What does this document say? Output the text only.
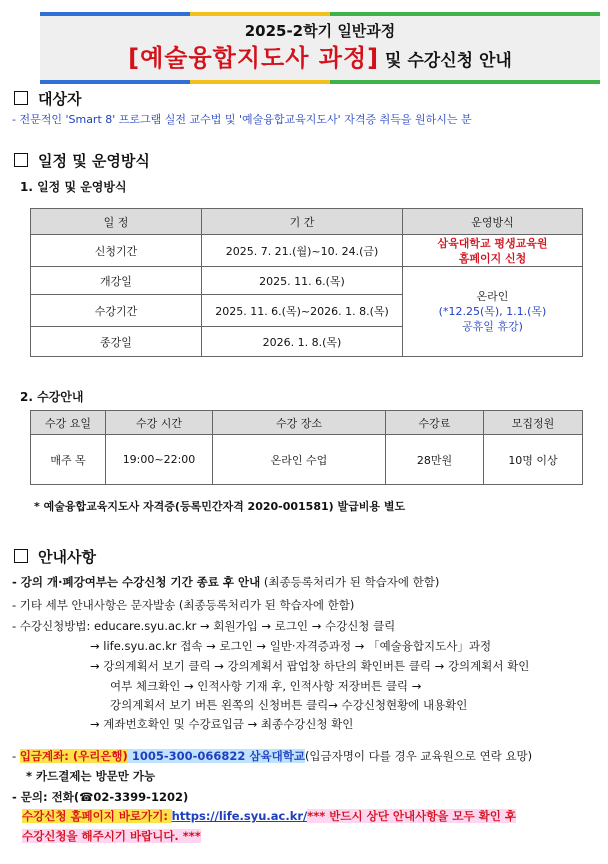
2025-2학기 일반과정
[예술융합지도사 과정] 및 수강신청 안내
대상자
- 전문적인 'Smart 8' 프로그램 실전 교수법 및 '예술융합교육지도사' 자격증 취득을 원하시는 분
일정 및 운영방식
1. 일정 및 운영방식
일 정	기 간	운영방식
신청기간	2025. 7. 21.(월)~10. 24.(금)	삼육대학교 평생교육원
홈페이지 신청

개강일	2025. 11. 6.(목)	온라인
(*12.25(목), 1.1.(목)
공휴일 휴강)

수강기간	2025. 11. 6.(목)~2026. 1. 8.(목)	
종강일	2026. 1. 8.(목)	
2. 수강안내
수강 요일	수강 시간	수강 장소	수강료	모집정원
매주 목	19:00~22:00	온라인 수업	28만원	10명 이상
* 예술융합교육지도사 자격증(등록민간자격 2020-001581) 발급비용 별도
안내사항
- 강의 개·폐강여부는 수강신청 기간 종료 후 안내 (최종등록처리가 된 학습자에 한함)
- 기타 세부 안내사항은 문자발송 (최종등록처리가 된 학습자에 한함)
- 수강신청방법: educare.syu.ac.kr → 회원가입 → 로그인 → 수강신청 클릭
→ life.syu.ac.kr 접속 → 로그인 → 일반·자격증과정 → 「예술융합지도사」과정
→ 강의계획서 보기 클릭 → 강의계획서 팝업창 하단의 확인버튼 클릭 → 강의계획서 확인
여부 체크확인 → 인적사항 기재 후, 인적사항 저장버튼 클릭 →
강의계획서 보기 버튼 왼쪽의 신청버튼 클릭→ 수강신청현황에 내용확인
→ 계좌번호확인 및 수강료입금 → 최종수강신청 확인
- 입금계좌: (우리은행) 1005-300-066822 삼육대학교(입금자명이 다를 경우 교육원으로 연락 요망)
* 카드결제는 방문만 가능
- 문의: 전화(☎02-3399-1202)
수강신청 홈페이지 바로가기: https://life.syu.ac.kr/*** 반드시 상단 안내사항을 모두 확인 후
수강신청을 해주시기 바랍니다. ***
